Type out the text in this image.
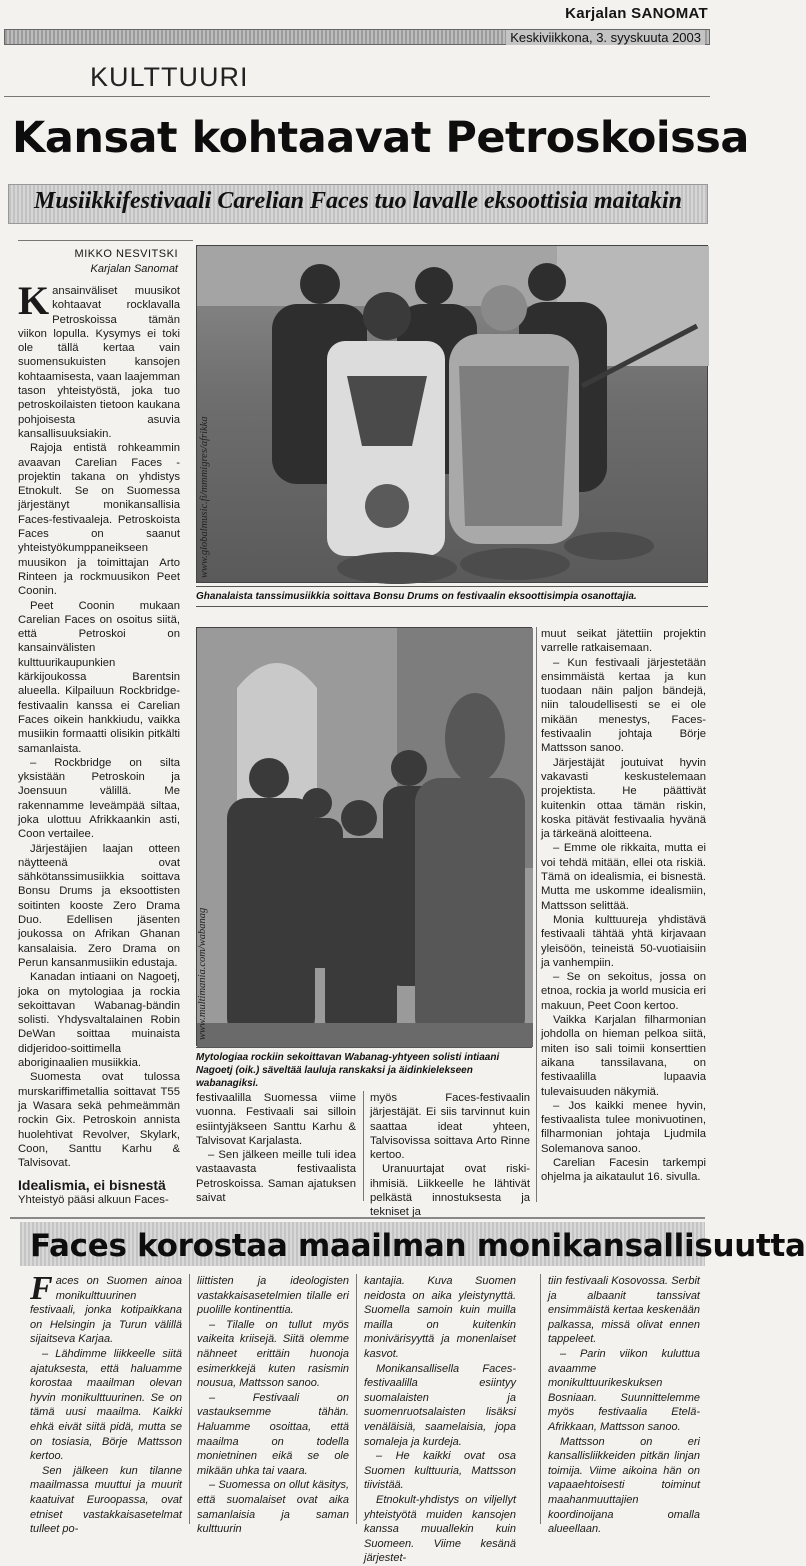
Karjalan SANOMAT
Keskiviikkona, 3. syyskuuta 2003
KULTTUURI
Kansat kohtaavat Petroskoissa
Musiikkifestivaali Carelian Faces tuo lavalle eksoottisia maitakin
MIKKO NESVITSKI
Karjalan Sanomat

Kansainväliset muusikot kohtaavat rocklavalla Petroskoissa tämän viikon lopulla. Kysymys ei toki ole tällä kertaa vain suomensukuisten kansojen kohtaamisesta, vaan laajemman tason yhteistyöstä, joka tuo petroskoilaisten tietoon kaukana pohjoisesta asuvia kansallisuuksiakin.

Rajoja entistä rohkeammin avaavan Carelian Faces -projektin takana on yhdistys Etnokult. Se on Suomessa järjestänyt monikansallisia Faces-festivaaleja. Petroskoista Faces on saanut yhteistyökumppaneikseen muusikon ja toimittajan Arto Rinteen ja rockmuusikon Peet Coonin.

Peet Coonin mukaan Carelian Faces on osoitus siitä, että Petroskoi on kansainvälisten kulttuurikaupunkien kärkijoukossa Barentsin alueella. Kilpailuun Rockbridge-festivaalin kanssa ei Carelian Faces oikein hankkiudu, vaikka musiikin formaatti olisikin pitkälti samanlaista.

– Rockbridge on silta yksistään Petroskoin ja Joensuun välillä. Me rakennamme leveämpää siltaa, joka ulottuu Afrikkaankin asti, Coon vertailee.

Järjestäjien laajan otteen näytteenä ovat sähkötanssimusiikkia soittava Bonsu Drums ja eksoottisten soitinten kooste Zero Drama Duo. Edellisen jäsenten joukossa on Afrikan Ghanan kansalaisia. Zero Drama on Perun kansanmusiikin edustaja.

Kanadan intiaani on Nagoetj, joka on mytologiaa ja rockia sekoittavan Wabanag-bändin solisti. Yhdysvaltalainen Robin DeWan soittaa muinaista didjeridoo-soittimella aboriginaalien musiikkia.

Suomesta ovat tulossa murskariffimetallia soittavat T55 ja Wasara sekä pehmeämmän rockin Gix. Petroskoin annista huolehtivat Revolver, Skylark, Coon, Santtu Karhu & Talvisovat.

Idealismia, ei bisnestä

Yhteistyö pääsi alkuun Faces-

www.globalmusic.fi/mmmigres/afrikka
Ghanalaista tanssimusiikkia soittava Bonsu Drums on festivaalin eksoottisimpia osanottajia.
www.multimania.com/wabanag
Mytologiaa rockiin sekoittavan Wabanag-yhtyeen solisti intiaani Nagoetj (oik.) säveltää lauluja ranskaksi ja äidinkielekseen wabanagiksi.

festivaalilla Suomessa viime vuonna. Festivaali sai silloin esiintyjäkseen Santtu Karhu & Talvisovat Karjalasta.

– Sen jälkeen meille tuli idea vastaavasta festivaalista Petroskoissa. Saman ajatuksen saivat

myös Faces-festivaalin järjestäjät. Ei siis tarvinnut kuin saattaa ideat yhteen, Talvisovissa soittava Arto Rinne kertoo.

Uranuurtajat ovat riski-ihmisiä. Liikkeelle he lähtivät pelkästä innostuksesta ja tekniset ja

muut seikat jätettiin projektin varrelle ratkaisemaan.

– Kun festivaali järjestetään ensimmäistä kertaa ja kun tuodaan näin paljon bändejä, niin taloudellisesti se ei ole mikään menestys, Faces-festivaalin johtaja Börje Mattsson sanoo.

Järjestäjät joutuivat hyvin vakavasti keskustelemaan projektista. He päättivät kuitenkin ottaa tämän riskin, koska pitävät festivaalia hyvänä ja tärkeänä aloitteena.

– Emme ole rikkaita, mutta ei voi tehdä mitään, ellei ota riskiä. Tämä on idealismia, ei bisnestä. Mutta me uskomme idealismiin, Mattsson selittää.

Monia kulttuureja yhdistävä festivaali tähtää yhtä kirjavaan yleisöön, teineistä 50-vuotiaisiin ja vanhempiin.

– Se on sekoitus, jossa on etnoa, rockia ja world musicia eri makuun, Peet Coon kertoo.

Vaikka Karjalan filharmonian johdolla on hieman pelkoa siitä, miten iso sali toimii konserttien aikana tanssilavana, on festivaalilla lupaavia tulevaisuuden näkymiä.

– Jos kaikki menee hyvin, festivaalista tulee monivuotinen, filharmonian johtaja Ljudmila Solemanova sanoo.

Carelian Facesin tarkempi ohjelma ja aikataulut 16. sivulla.

Faces korostaa maailman monikansallisuutta

Faces on Suomen ainoa monikulttuurinen festivaali, jonka kotipaikkana on Helsingin ja Turun välillä sijaitseva Karjaa.

– Lähdimme liikkeelle siitä ajatuksesta, että haluamme korostaa maailman olevan hyvin monikulttuurinen. Se on tämä uusi maailma. Kaikki ehkä eivät siitä pidä, mutta se on tosiasia, Börje Mattsson kertoo.

Sen jälkeen kun tilanne maailmassa muuttui ja muurit kaatuivat Euroopassa, ovat etniset vastakkaisasetelmat tulleet po-

liittisten ja ideologisten vastakkaisasetelmien tilalle eri puolille kontinenttia.

– Tilalle on tullut myös vaikeita kriisejä. Siitä olemme nähneet erittäin huonoja esimerkkejä kuten rasismin nousua, Mattsson sanoo.

– Festivaali on vastauksemme tähän. Haluamme osoittaa, että maailma on todella monietninen eikä se ole mikään uhka tai vaara.

– Suomessa on ollut käsitys, että suomalaiset ovat aika samanlaisia ja saman kulttuurin

kantajia. Kuva Suomen neidosta on aika yleistynyttä. Suomella samoin kuin muilla mailla on kuitenkin monivärisyyttä ja monenlaiset kasvot.

Monikansallisella Faces-festivaalilla esiintyy suomalaisten ja suomenruotsalaisten lisäksi venäläisiä, saamelaisia, jopa somaleja ja kurdeja.

– He kaikki ovat osa Suomen kulttuuria, Mattsson tiivistää.

Etnokult-yhdistys on viljellyt yhteistyötä muiden kansojen kanssa muuallekin kuin Suomeen. Viime kesänä järjestet-

tiin festivaali Kosovossa. Serbit ja albaanit tanssivat ensimmäistä kertaa keskenään palkassa, missä olivat ennen tappeleet.

– Parin viikon kuluttua avaamme monikulttuurikeskuksen Bosniaan. Suunnittelemme myös festivaalia Etelä-Afrikkaan, Mattsson sanoo.

Mattsson on eri kansallisliikkeiden pitkän linjan toimija. Viime aikoina hän on vapaaehtoisesti toiminut maahanmuuttajien koordinoijana omalla alueellaan.
